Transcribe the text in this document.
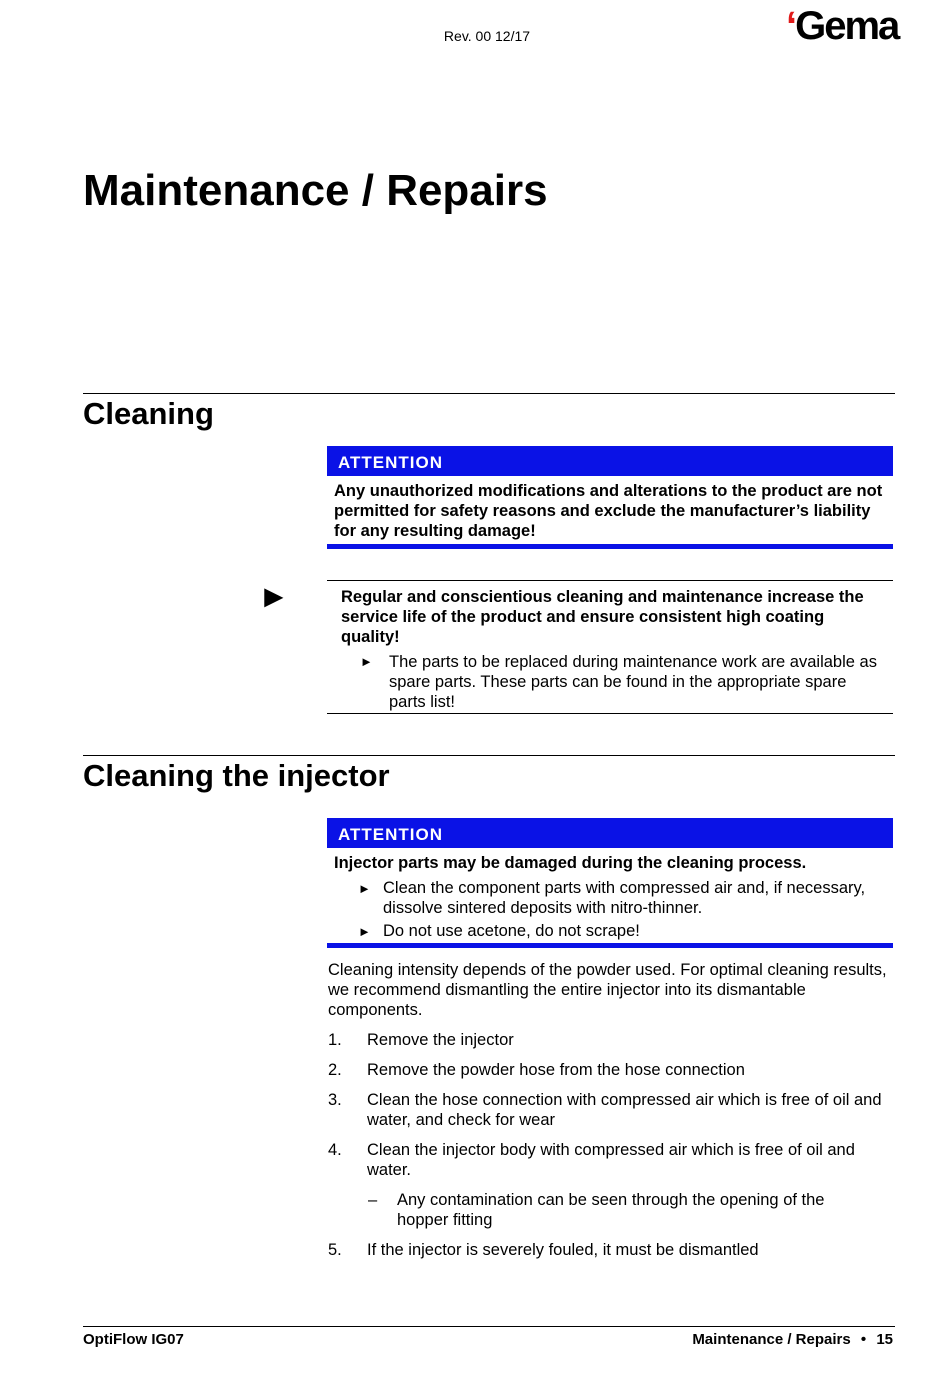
Rev. 00 12/17	‘Gema
Maintenance / Repairs
Cleaning
ATTENTION
Any unauthorized modifications and alterations to the product are not permitted for safety reasons and exclude the manufacturer’s liability for any resulting damage!
►	Regular and conscientious cleaning and maintenance increase the service life of the product and ensure consistent high coating quality!
► The parts to be replaced during maintenance work are available as spare parts. These parts can be found in the appropriate spare parts list!
Cleaning the injector
ATTENTION
Injector parts may be damaged during the cleaning process.
► Clean the component parts with compressed air and, if necessary, dissolve sintered deposits with nitro-thinner.
► Do not use acetone, do not scrape!
Cleaning intensity depends of the powder used. For optimal cleaning results, we recommend dismantling the entire injector into its dismantable components.
1.	Remove the injector
2.	Remove the powder hose from the hose connection
3.	Clean the hose connection with compressed air which is free of oil and water, and check for wear
4.	Clean the injector body with compressed air which is free of oil and water.
– Any contamination can be seen through the opening of the hopper fitting
5.	If the injector is severely fouled, it must be dismantled
OptiFlow IG07	Maintenance / Repairs • 15
